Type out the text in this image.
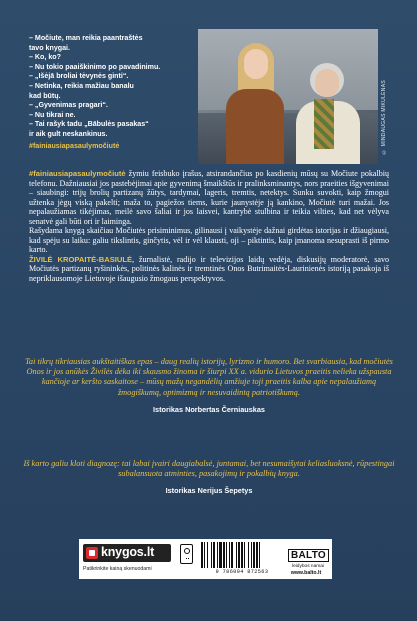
– Močiute, man reikia paantraštės
tavo knygai.
– Ko, ko?
– Nu tokio paaiškinimo po pavadinimu.
– „Išėjā broliai tėvynės ginti“.
– Netinka, reikia mažiau banalu
kad būtų.
– „Gyvenimas pragari“.
– Nu tikrai ne.
– Tai rašyk tadu „Bābulės pasakas“
ir aik gult neskankinus.
#fainiausiapasaulymočiutė	© MINDAUGAS MIKULĖNAS

#fainiausiapasaulymočiutė žymiu feisbuko įrašus, atsirandančius po kasdienių mūsų su Močiute pokalbių telefonu. Dažniausiai jos pastebėjimai apie gyvenimą šmaikštūs ir pralinksminantys, nors praeities išgyvenimai – siaubingi: trijų brolių partizanų žūtys, tardymai, lageris, tremtis, netektys. Sunku suvokti, kaip žmogui užtenka jėgų viską pakelti; maža to, pagiežos tiems, kurie jaunystėje ją kankino, Močiutė turi mažai. Jos nepalaužiamas tikėjimas, meilė savo šaliai ir jos laisvei, kantrybė stulbina ir teikia vilties, kad net vėlyva senatvė gali būti ori ir laiminga.

Rašydama knygą skaičiau Močiutės prisiminimus, gilinausi į vaikystėje dažnai girdėtas istorijas ir džiaugiausi, kad spėju su laiku: galiu tikslintis, ginčytis, vėl ir vėl klausti, oji – piktintis, kaip įmanoma nesuprasti iš pirmo karto.

ŽIVILĖ KROPAITĖ-BASIULĖ, žurnalistė, radijo ir televizijos laidų vedėja, diskusijų moderatorė, savo Močiutės partizanų ryšininkės, politinės kalinės ir tremtinės Onos Butrimaitės-Laurinienės istoriją pasakoja iš nepriklausomoje Lietuvoje išaugusio žmogaus perspektyvos.

Tai tikrų tikriausias aukštaitiškas epas – daug realių istorijų, lyrizmo ir humoro. Bet svarbiausia, kad močiutės Onos ir jos anūkės Živilės dėka iki skausmo žinoma ir šiurpi XX a. vidurio Lietuvos praeitis nelieka užspausta kančioje ar keršto saskaitose – mūsų mažų negandėlių amžiuje toji praeitis kalba apie nepalaužiamą žmogiškumą, optimizmą ir nesuvaidintą patriotiškumą.
Istorikas Norbertas Černiauskas
Iš karto galiu kloti diagnozę: tai labai įvairi daugiabalsė, juntamai, bet nesumaišytai keliasluoksnė, rūpestingai subalansuota atminties, pasakojimų ir pokalbių knyga.
Istorikas Nerijus Šepetys
knygos.lt
Patikrinkite kainą skenuodami	9 786094 872563
BALTO
leidybos namai
www.balto.lt
